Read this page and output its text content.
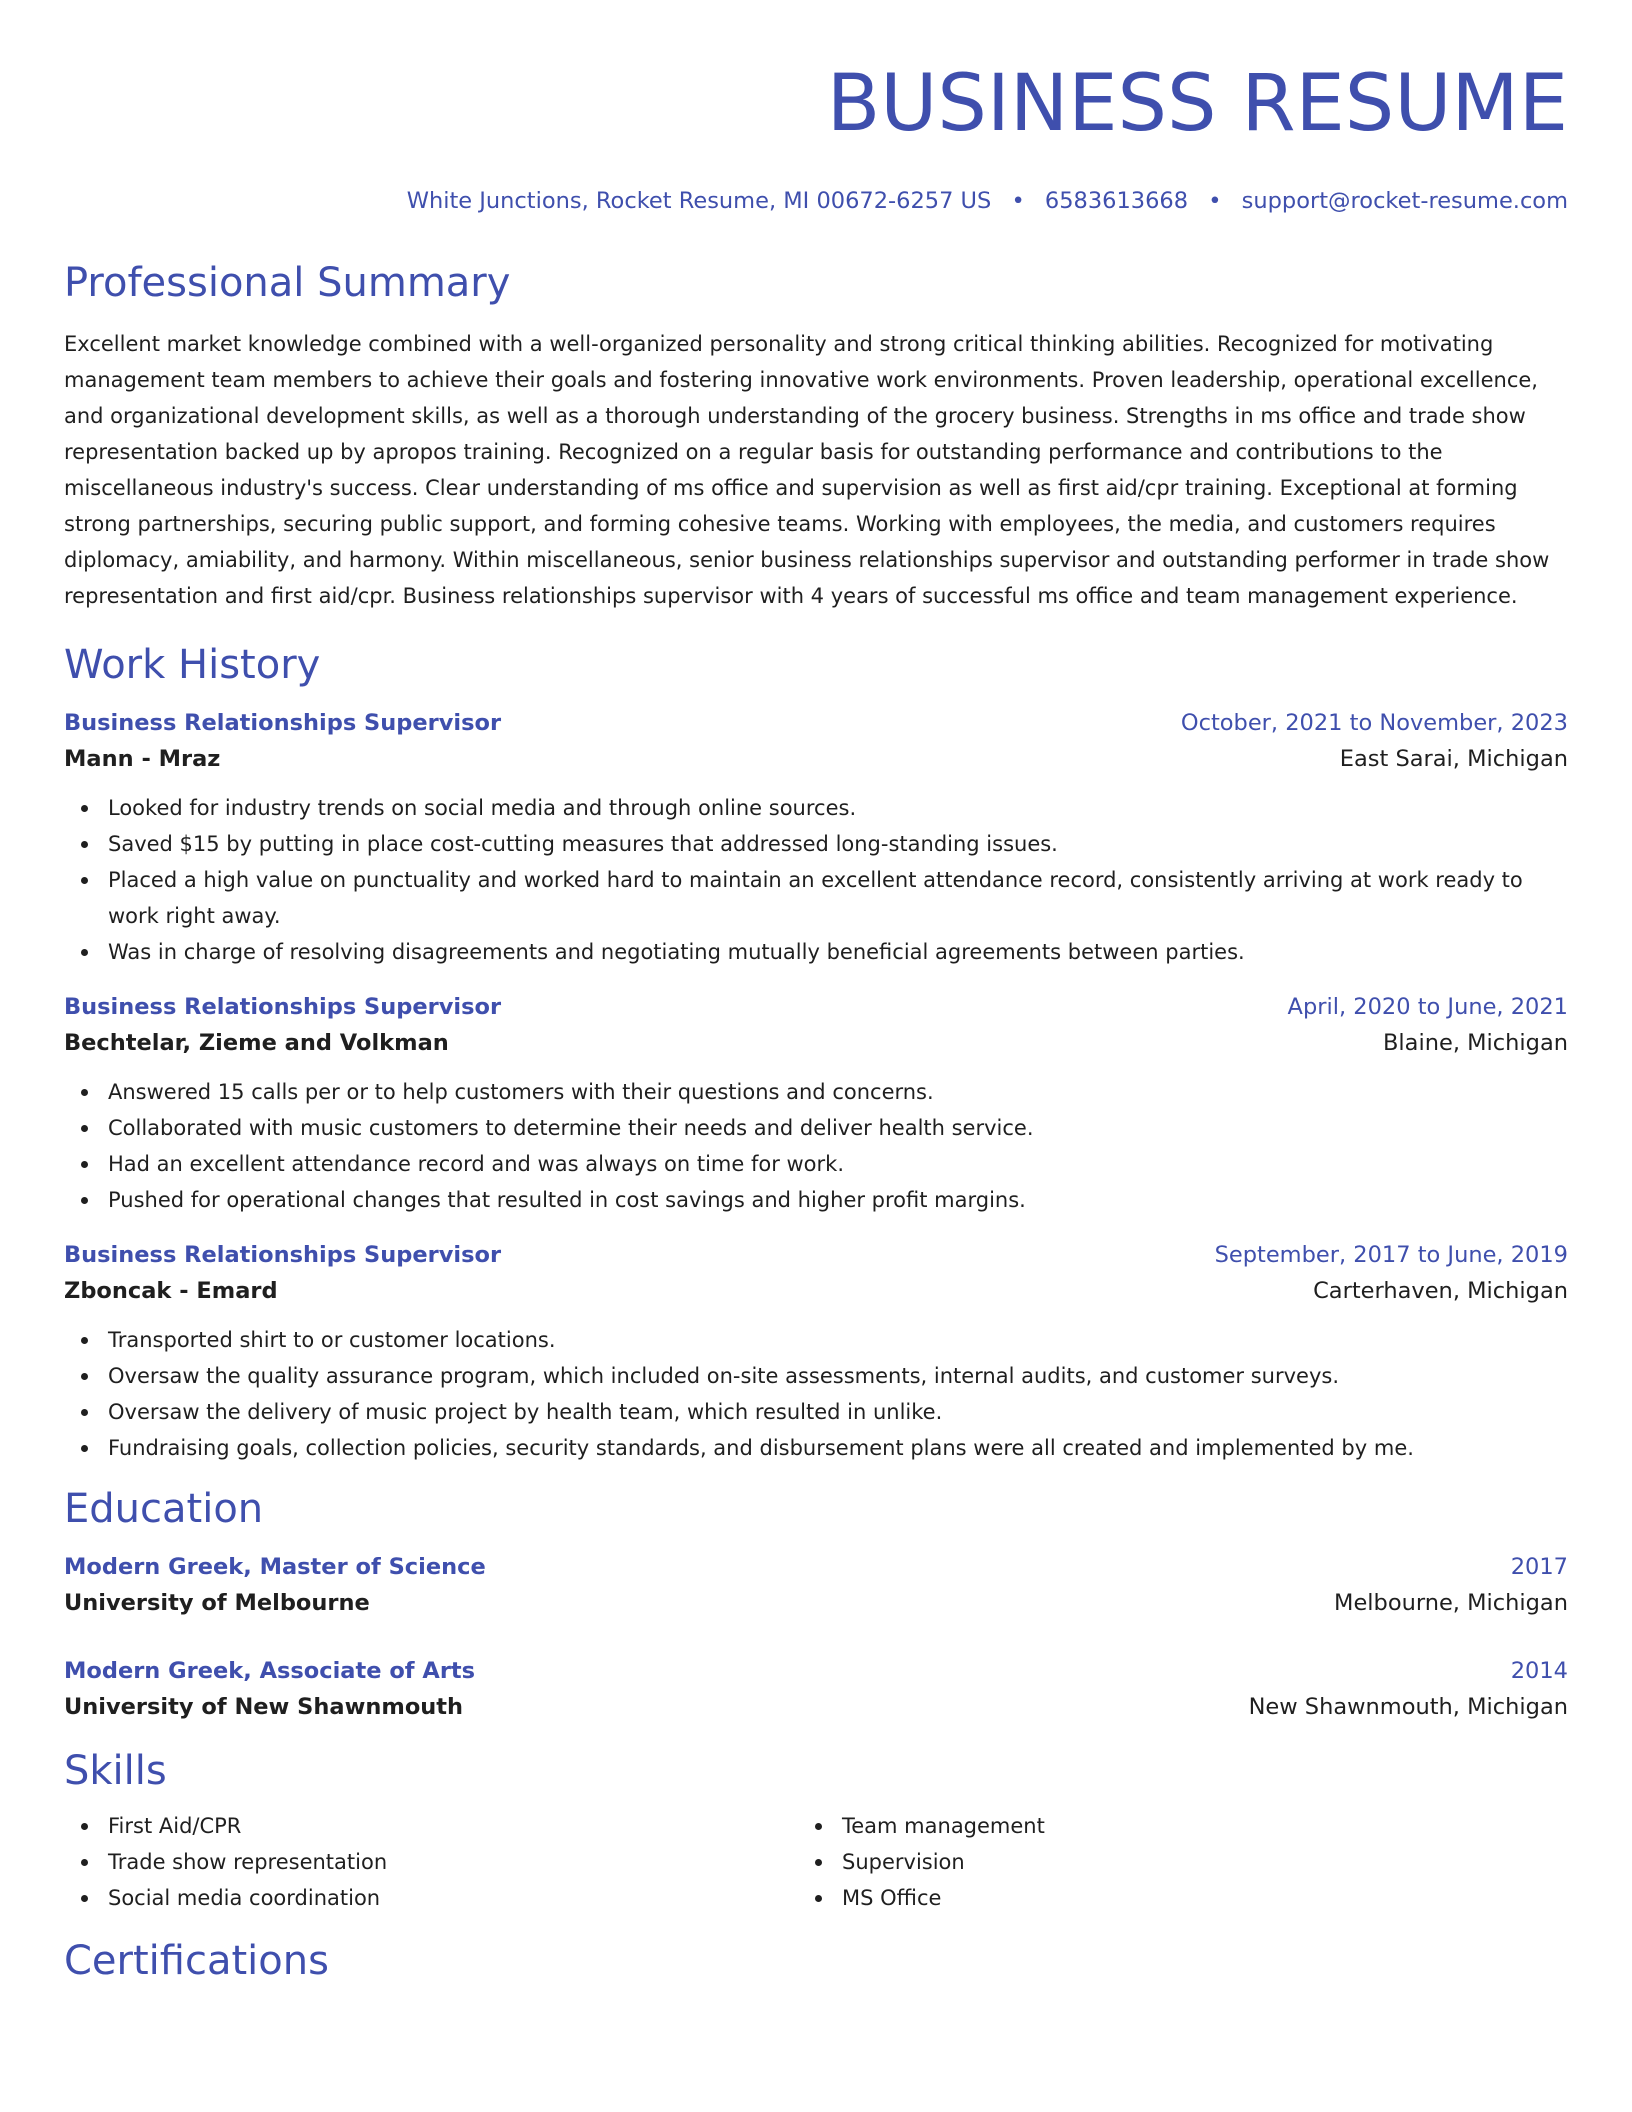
BUSINESS RESUME
White Junctions, Rocket Resume, MI 00672-6257 US • 6583613668 • support@rocket-resume.com
Professional Summary

Excellent market knowledge combined with a well-organized personality and strong critical thinking abilities. Recognized for motivating management team members to achieve their goals and fostering innovative work environments. Proven leadership, operational excellence, and organizational development skills, as well as a thorough understanding of the grocery business. Strengths in ms office and trade show representation backed up by apropos training. Recognized on a regular basis for outstanding performance and contributions to the miscellaneous industry's success. Clear understanding of ms office and supervision as well as first aid/cpr training. Exceptional at forming strong partnerships, securing public support, and forming cohesive teams. Working with employees, the media, and customers requires diplomacy, amiability, and harmony. Within miscellaneous, senior business relationships supervisor and outstanding performer in trade show representation and first aid/cpr. Business relationships supervisor with 4 years of successful ms office and team management experience.

Work History
Business Relationships Supervisor	October, 2021 to November, 2023
Mann - Mraz	East Sarai, Michigan
Looked for industry trends on social media and through online sources.
Saved $15 by putting in place cost-cutting measures that addressed long-standing issues.
Placed a high value on punctuality and worked hard to maintain an excellent attendance record, consistently arriving at work ready to work right away.
Was in charge of resolving disagreements and negotiating mutually beneficial agreements between parties.
Business Relationships Supervisor	April, 2020 to June, 2021
Bechtelar, Zieme and Volkman	Blaine, Michigan
Answered 15 calls per or to help customers with their questions and concerns.
Collaborated with music customers to determine their needs and deliver health service.
Had an excellent attendance record and was always on time for work.
Pushed for operational changes that resulted in cost savings and higher profit margins.
Business Relationships Supervisor	September, 2017 to June, 2019
Zboncak - Emard	Carterhaven, Michigan
Transported shirt to or customer locations.
Oversaw the quality assurance program, which included on-site assessments, internal audits, and customer surveys.
Oversaw the delivery of music project by health team, which resulted in unlike.
Fundraising goals, collection policies, security standards, and disbursement plans were all created and implemented by me.
Education
Modern Greek, Master of Science	2017
University of Melbourne	Melbourne, Michigan
Modern Greek, Associate of Arts	2014
University of New Shawnmouth	New Shawnmouth, Michigan
Skills
First Aid/CPR
Trade show representation
Social media coordination
Team management
Supervision
MS Office
Certifications
